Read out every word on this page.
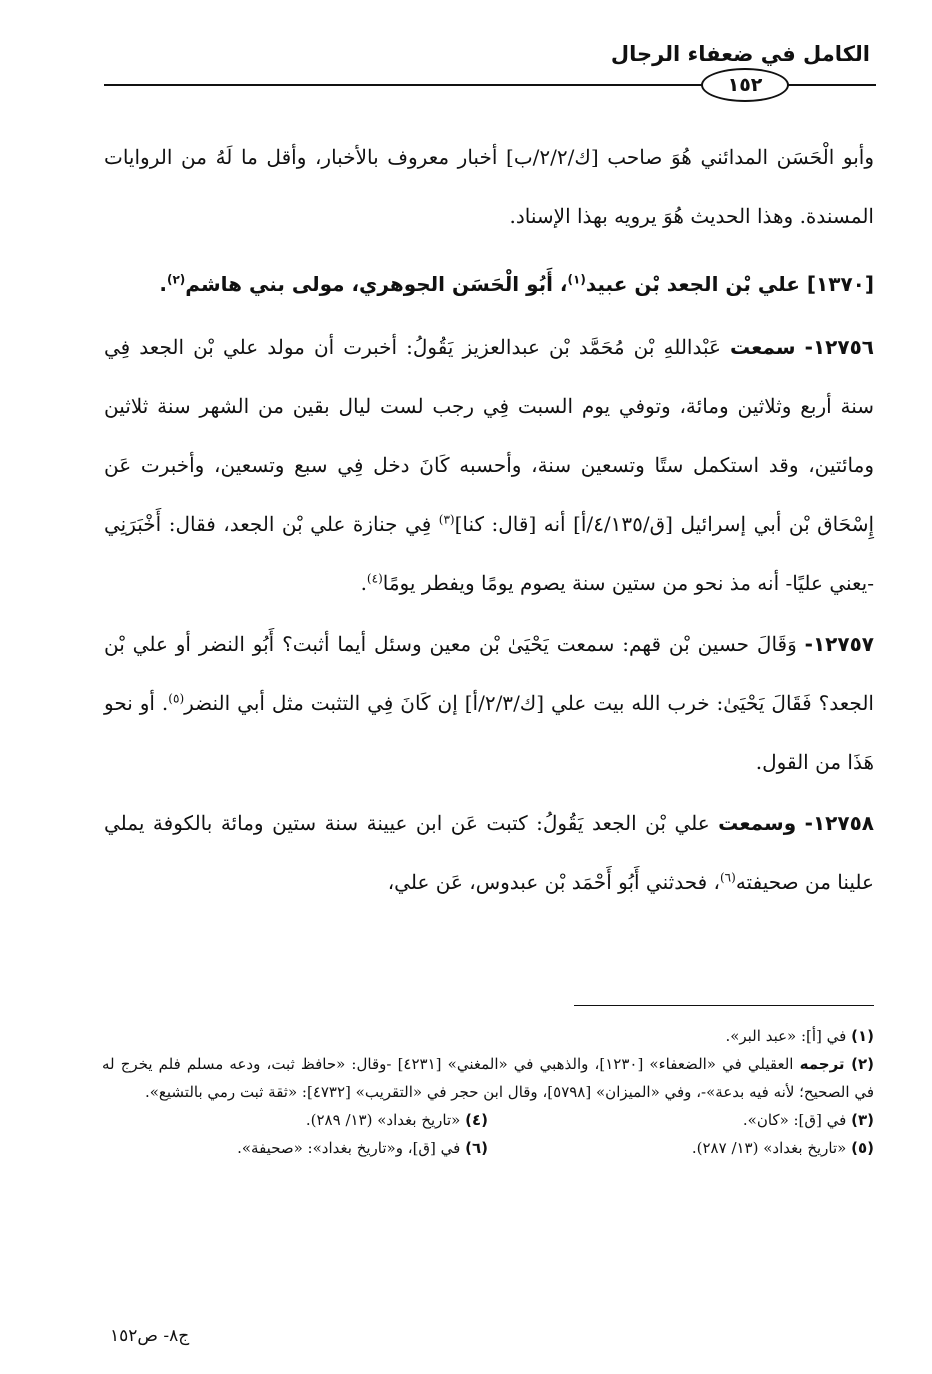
الكامل في ضعفاء الرجال
١٥٢

وأبو الْحَسَن المدائني هُوَ صاحب [ك/٢/٢/ب] أخبار معروف بالأخبار، وأقل ما لَهُ من الروايات المسندة. وهذا الحديث هُوَ يرويه بهذا الإسناد.

[١٣٧٠] علي بْن الجعد بْن عبيد$^{(١)}$، أَبُو الْحَسَن الجوهري، مولى بني هاشم$^{(٢)}$.

١٢٧٥٦- سمعت عَبْداللهِ بْن مُحَمَّد بْن عبدالعزيز يَقُولُ: أخبرت أن مولد علي بْن الجعد فِي سنة أربع وثلاثين ومائة، وتوفي يوم السبت فِي رجب لست ليال بقين من الشهر سنة ثلاثين ومائتين، وقد استكمل ستًا وتسعين سنة، وأحسبه كَانَ دخل فِي سبع وتسعين، وأخبرت عَن إِسْحَاق بْن أبي إسرائيل [ق/٤/١٣٥/أ] أنه [قال: كنا]$^{(٣)}$ فِي جنازة علي بْن الجعد، فقال: أَخْبَرَنِي -يعني عليًا- أنه مذ نحو من ستين سنة يصوم يومًا ويفطر يومًا$^{(٤)}$.

١٢٧٥٧- وَقَالَ حسين بْن قهم: سمعت يَحْيَىٰ بْن معين وسئل أيما أثبت؟ أَبُو النضر أو علي بْن الجعد؟ فَقَالَ يَحْيَىٰ: خرب الله بيت علي [ك/٢/٣/أ] إن كَانَ فِي التثبت مثل أبي النضر$^{(٥)}$. أو نحو هَذَا من القول.

١٢٧٥٨- وسمعت علي بْن الجعد يَقُولُ: كتبت عَن ابن عيينة سنة ستين ومائة بالكوفة يملي علينا من صحيفته$^{(٦)}$، فحدثني أَبُو أَحْمَد بْن عبدوس، عَن علي،

(١) في [أ]: «عبد البر».

(٢) ترجمه العقيلي في «الضعفاء» [١٢٣٠]، والذهبي في «المغني» [٤٢٣١] -وقال: «حافظ ثبت، ودعه مسلم فلم يخرج له في الصحيح؛ لأنه فيه بدعة»-، وفي «الميزان» [٥٧٩٨]، وقال ابن حجر في «التقريب» [٤٧٣٢]: «ثقة ثبت رمي بالتشيع».

(٣) في [ق]: «كان».
(٤) «تاريخ بغداد» (١٣/ ٢٨٩).
(٥) «تاريخ بغداد» (١٣/ ٢٨٧).
(٦) في [ق]، و«تاريخ بغداد»: «صحيفة».
ج٨- ص١٥٢
